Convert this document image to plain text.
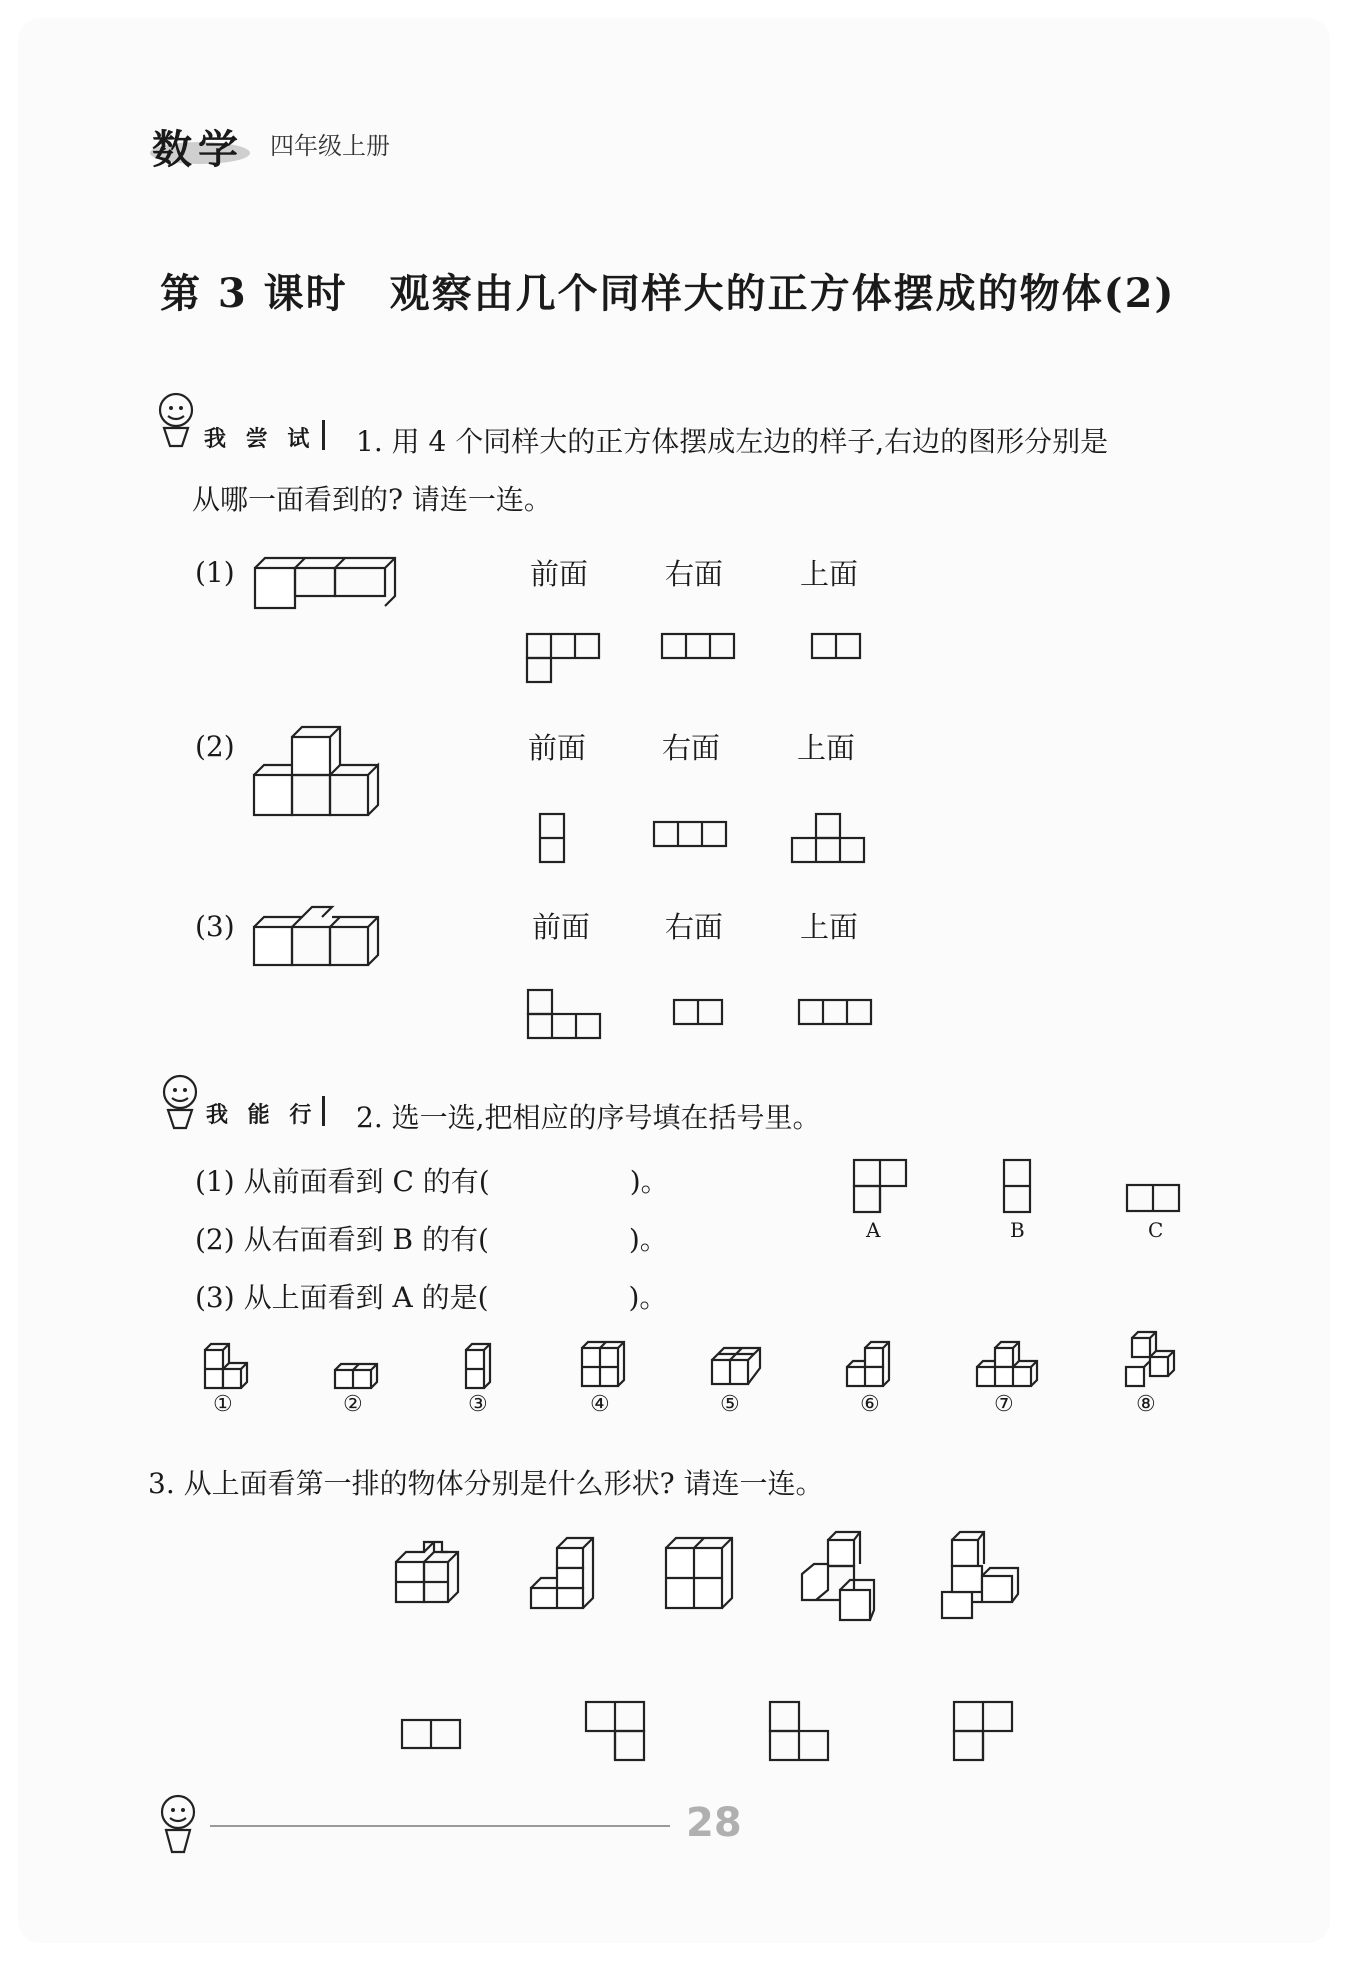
数学 四年级上册
第 3 课时　观察由几个同样大的正方体摆成的物体(2)
我 尝 试 1. 用 4 个同样大的正方体摆成左边的样子,右边的图形分别是
从哪一面看到的? 请连一连。
(1)	前面	右面	上面
(2)	前面	右面	上面
(3)	前面	右面	上面
我 能 行 2. 选一选,把相应的序号填在括号里。
(1) 从前面看到 C 的有(　　　　　)。
(2) 从右面看到 B 的有(　　　　　)。
(3) 从上面看到 A 的是(　　　　　)。
A	B	C
①	②	③	④	⑤	⑥	⑦	⑧
3. 从上面看第一排的物体分别是什么形状? 请连一连。
28
